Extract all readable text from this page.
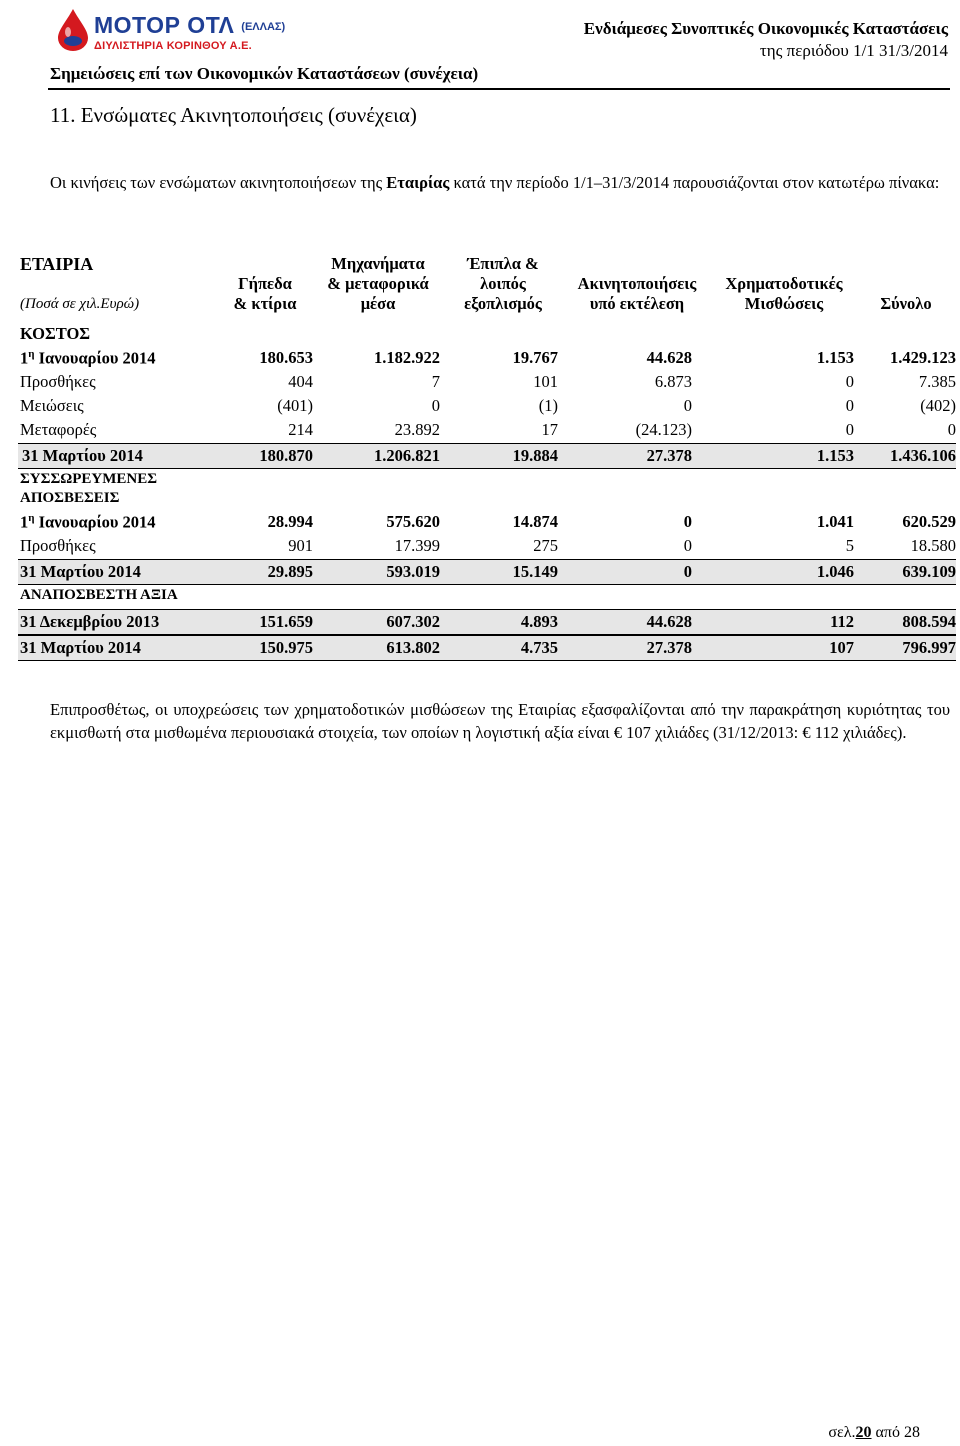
ΜΟΤΟΡ ΟΤΛ (ΕΛΛΑΣ)
ΔΙΥΛΙΣΤΗΡΙΑ ΚΟΡΙΝΘΟΥ Α.Ε.
Ενδιάμεσες Συνοπτικές Οικονομικές Καταστάσεις
της περιόδου 1/1 31/3/2014
Σημειώσεις επί των Οικονομικών Καταστάσεων (συνέχεια)
11. Ενσώματες Ακινητοποιήσεις (συνέχεια)
Οι κινήσεις των ενσώματων ακινητοποιήσεων της Εταιρίας κατά την περίοδο 1/1–31/3/2014 παρουσιάζονται στον κατωτέρω πίνακα:
ΕΤΑΙΡΙΑ
(Ποσά σε χιλ.Ευρώ)

Γήπεδα
& κτίρια
Μηχανήματα
& μεταφορικά
μέσα
Έπιπλα &
λοιπός
εξοπλισμός

Ακινητοποιήσεις
υπό εκτέλεση

Χρηματοδοτικές
Μισθώσεις

	Σύνολο
ΚΟΣΤΟΣ
$1^\eta$ Ιανουαρίου 2014	180.653	1.182.922	19.767	44.628	1.153 1.429.123
Προσθήκες	404	7	101	6.873	0	7.385
Μειώσεις	(401)	0	(1)	0	0	(402)
Μεταφορές	214	23.892	17	(24.123)	0	0
31 Μαρτίου 2014	180.870	1.206.821	19.884	27.378	1.153 1.436.106
ΣΥΣΣΩΡΕΥΜΕΝΕΣ
ΑΠΟΣΒΕΣΕΙΣ
$1^\eta$ Ιανουαρίου 2014	28.994	575.620	14.874	0	1.041	620.529
Προσθήκες	901	17.399	275	0	5	18.580
31 Μαρτίου 2014	29.895	593.019	15.149	0	1.046	639.109
ΑΝΑΠΟΣΒΕΣΤΗ ΑΞΙΑ
31 Δεκεμβρίου 2013	151.659	607.302	4.893	44.628	112	808.594
31 Μαρτίου 2014	150.975	613.802	4.735	27.378	107	796.997
Επιπροσθέτως, οι υποχρεώσεις των χρηματοδοτικών μισθώσεων της Εταιρίας εξασφαλίζονται από την παρακράτηση κυριότητας του εκμισθωτή στα μισθωμένα περιουσιακά στοιχεία, των οποίων η λογιστική αξία είναι € 107 χιλιάδες (31/12/2013: € 112 χιλιάδες).
σελ.20 από 28
